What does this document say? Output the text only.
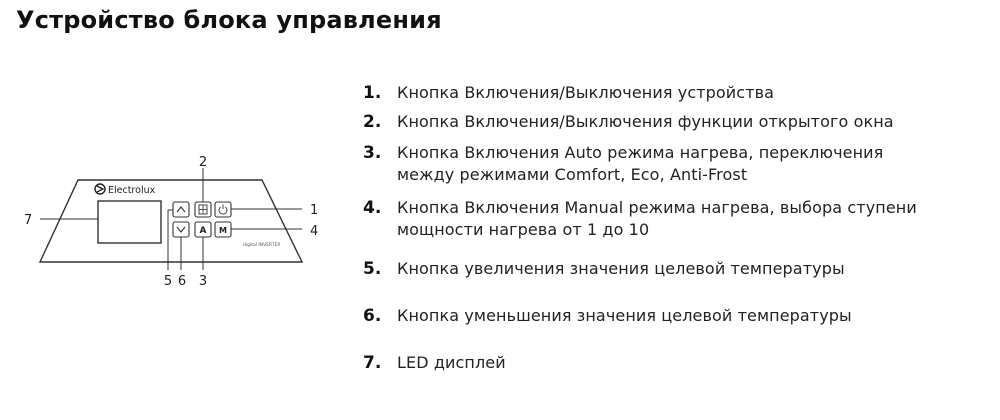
Устройство блока управления
Electrolux
A M
digital INVERTER
2
1
4
7
5 6 3
1. Кнопка Включения/Выключения устройства
2. Кнопка Включения/Выключения функции открытого окна
3. Кнопка Включения Auto режима нагрева, переключения
между режимами Comfort, Eco, Anti-Frost
4. Кнопка Включения Manual режима нагрева, выбора ступени
мощности нагрева от 1 до 10
5. Кнопка увеличения значения целевой температуры
6. Кнопка уменьшения значения целевой температуры
7. LED дисплей
